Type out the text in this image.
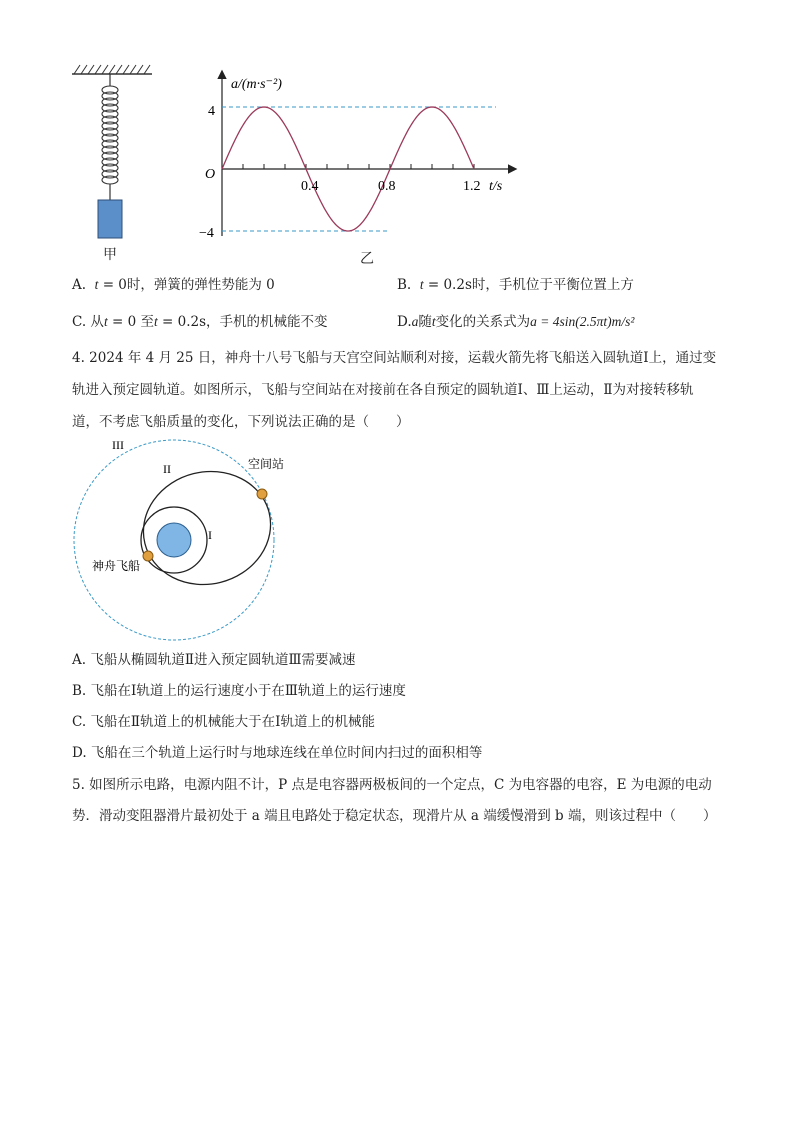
甲
a/(m·s⁻²)
4
O
−4
0.4	0.8	1.2 t/s
乙
A. t = 0时，弹簧的弹性势能为 0	B. t = 0.2s时，手机位于平衡位置上方
C. 从t = 0 至t = 0.2s，手机的机械能不变	D.a随t变化的关系式为a = 4sin(2.5πt)m/s²
4. 2024 年 4 月 25 日，神舟十八号飞船与天宫空间站顺利对接，运载火箭先将飞船送入圆轨道Ⅰ上，通过变
轨进入预定圆轨道。如图所示，飞船与空间站在对接前在各自预定的圆轨道Ⅰ、Ⅲ上运动，Ⅱ为对接转移轨
道，不考虑飞船质量的变化，下列说法正确的是（　　）
III
II
I
空间站
神舟飞船
A. 飞船从椭圆轨道Ⅱ进入预定圆轨道Ⅲ需要减速
B. 飞船在Ⅰ轨道上的运行速度小于在Ⅲ轨道上的运行速度
C. 飞船在Ⅱ轨道上的机械能大于在Ⅰ轨道上的机械能
D. 飞船在三个轨道上运行时与地球连线在单位时间内扫过的面积相等
5. 如图所示电路，电源内阻不计，P 点是电容器两极板间的一个定点，C 为电容器的电容，E 为电源的电动
势．滑动变阻器滑片最初处于 a 端且电路处于稳定状态，现滑片从 a 端缓慢滑到 b 端，则该过程中（　　）
